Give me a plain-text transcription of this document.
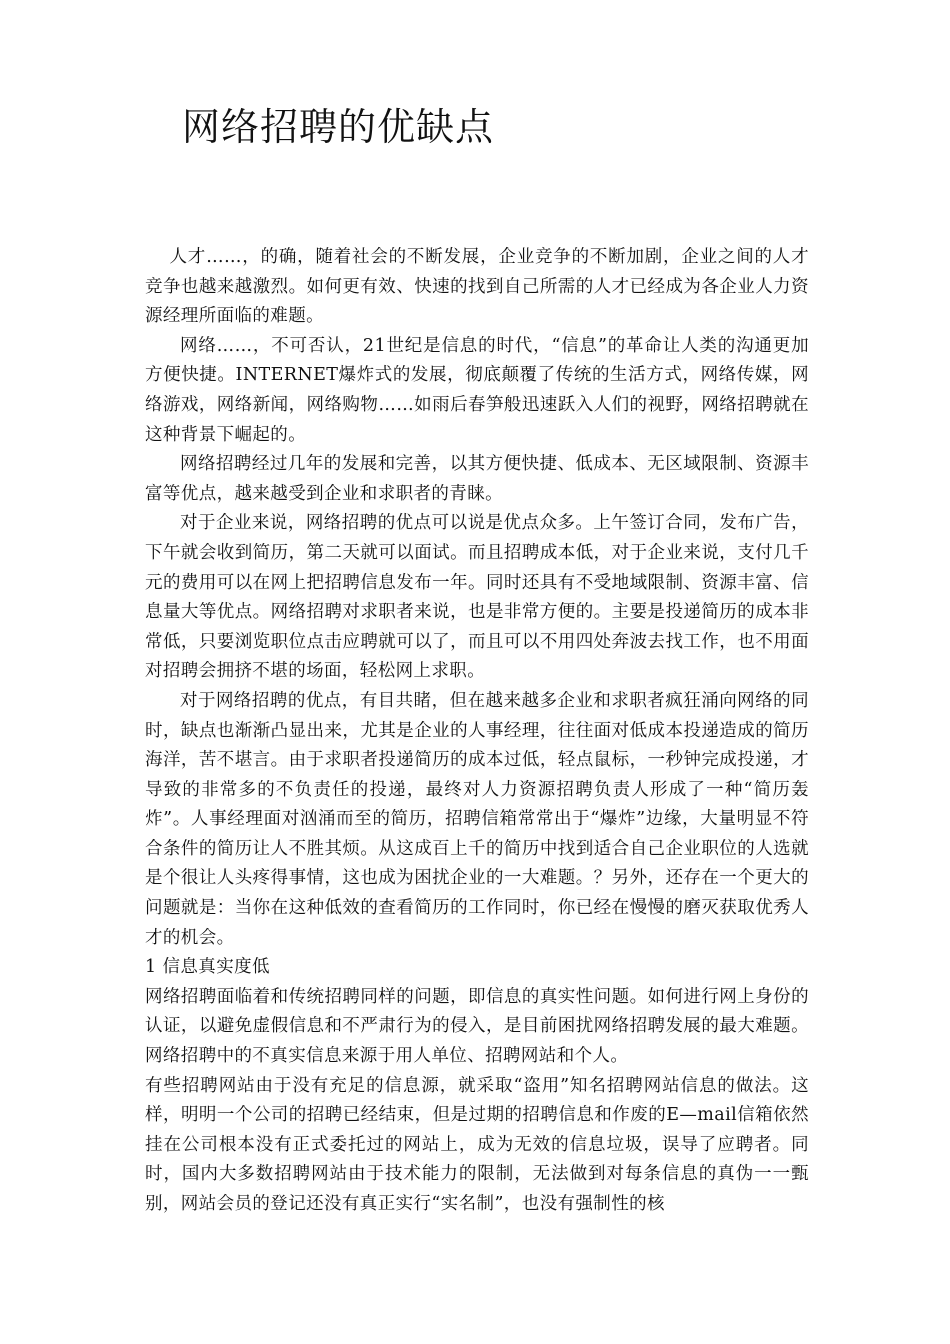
网络招聘的优缺点

人才……，的确，随着社会的不断发展，企业竞争的不断加剧，企业之间的人才竞争也越来越激烈。如何更有效、快速的找到自己所需的人才已经成为各企业人力资源经理所面临的难题。

网络……，不可否认，21世纪是信息的时代，“信息”的革命让人类的沟通更加方便快捷。INTERNET爆炸式的发展，彻底颠覆了传统的生活方式，网络传媒，网络游戏，网络新闻，网络购物……如雨后春笋般迅速跃入人们的视野，网络招聘就在这种背景下崛起的。

网络招聘经过几年的发展和完善，以其方便快捷、低成本、无区域限制、资源丰富等优点，越来越受到企业和求职者的青睐。

对于企业来说，网络招聘的优点可以说是优点众多。上午签订合同，发布广告，下午就会收到简历，第二天就可以面试。而且招聘成本低，对于企业来说，支付几千元的费用可以在网上把招聘信息发布一年。同时还具有不受地域限制、资源丰富、信息量大等优点。网络招聘对求职者来说，也是非常方便的。主要是投递简历的成本非常低，只要浏览职位点击应聘就可以了，而且可以不用四处奔波去找工作，也不用面对招聘会拥挤不堪的场面，轻松网上求职。

对于网络招聘的优点，有目共睹，但在越来越多企业和求职者疯狂涌向网络的同时，缺点也渐渐凸显出来，尤其是企业的人事经理，往往面对低成本投递造成的简历海洋，苦不堪言。由于求职者投递简历的成本过低，轻点鼠标，一秒钟完成投递，才导致的非常多的不负责任的投递，最终对人力资源招聘负责人形成了一种“简历轰炸”。人事经理面对汹涌而至的简历，招聘信箱常常出于“爆炸”边缘，大量明显不符合条件的简历让人不胜其烦。从这成百上千的简历中找到适合自己企业职位的人选就是个很让人头疼得事情，这也成为困扰企业的一大难题。？另外，还存在一个更大的问题就是：当你在这种低效的查看简历的工作同时，你已经在慢慢的磨灭获取优秀人才的机会。

1 信息真实度低

网络招聘面临着和传统招聘同样的问题，即信息的真实性问题。如何进行网上身份的认证，以避免虚假信息和不严肃行为的侵入，是目前困扰网络招聘发展的最大难题。网络招聘中的不真实信息来源于用人单位、招聘网站和个人。

有些招聘网站由于没有充足的信息源，就采取“盗用”知名招聘网站信息的做法。这样，明明一个公司的招聘已经结束，但是过期的招聘信息和作废的E—mail信箱依然挂在公司根本没有正式委托过的网站上，成为无效的信息垃圾，误导了应聘者。同时，国内大多数招聘网站由于技术能力的限制，无法做到对每条信息的真伪一一甄别，网站会员的登记还没有真正实行“实名制”，也没有强制性的核
